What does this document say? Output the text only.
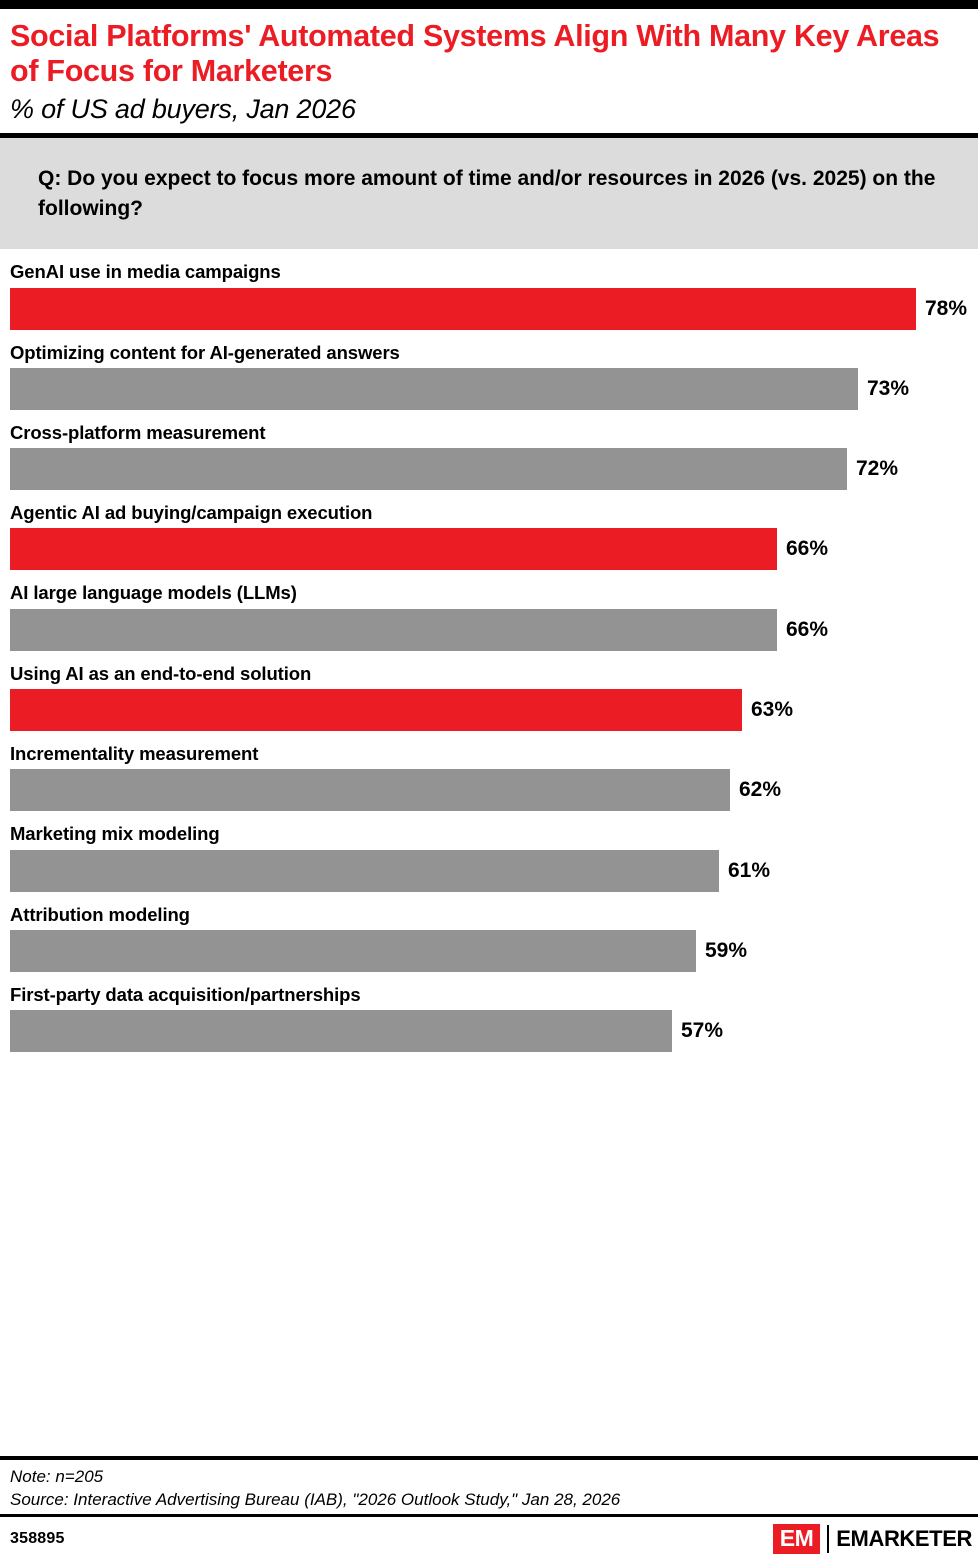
Social Platforms' Automated Systems Align With Many Key Areas of Focus for Marketers
% of US ad buyers, Jan 2026

Q: Do you expect to focus more amount of time and/or resources in 2026 (vs. 2025) on the following?

GenAI use in media campaigns
78%
Optimizing content for AI-generated answers
73%
Cross-platform measurement
72%
Agentic AI ad buying/campaign execution
66%
AI large language models (LLMs)
66%
Using AI as an end-to-end solution
63%
Incrementality measurement
62%
Marketing mix modeling
61%
Attribution modeling
59%
First-party data acquisition/partnerships
57%

Note: n=205

Source: Interactive Advertising Bureau (IAB), "2026 Outlook Study," Jan 28, 2026

358895	EM	EMARKETER
